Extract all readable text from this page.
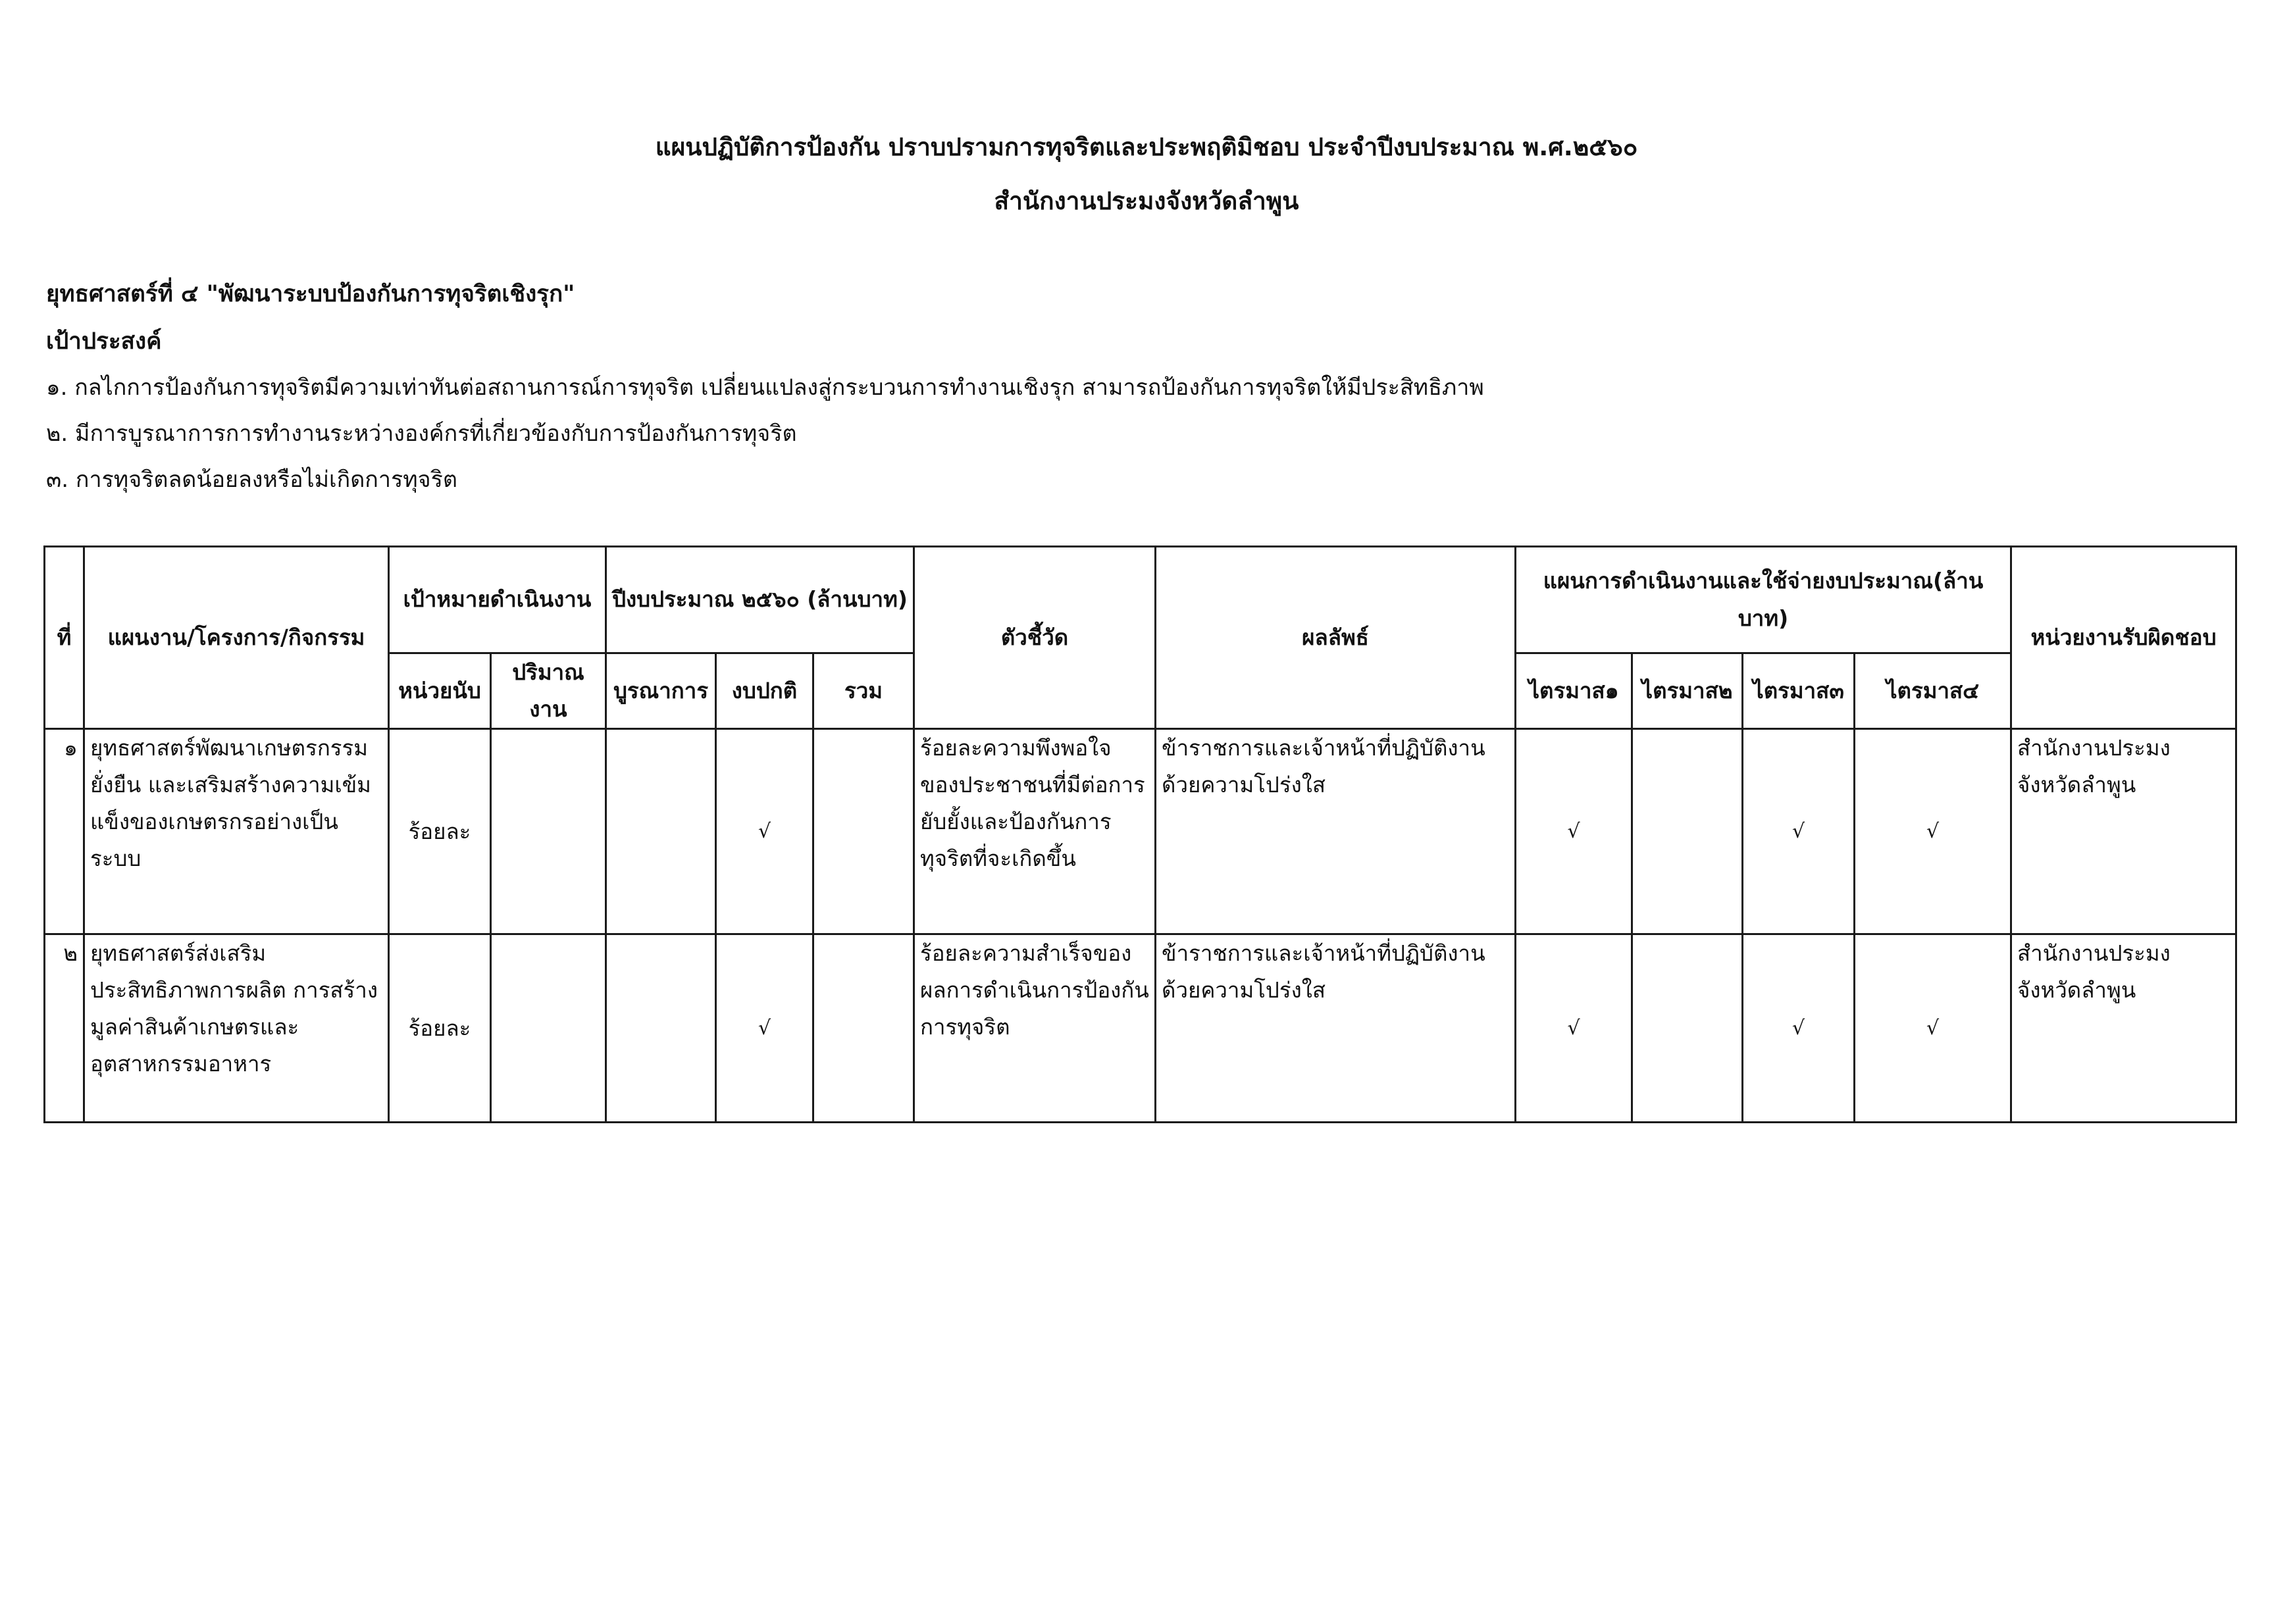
แผนปฏิบัติการป้องกัน ปราบปรามการทุจริตและประพฤติมิชอบ ประจำปีงบประมาณ พ.ศ.๒๕๖๐
สำนักงานประมงจังหวัดลำพูน
ยุทธศาสตร์ที่ ๔ "พัฒนาระบบป้องกันการทุจริตเชิงรุก"
เป้าประสงค์
๑. กลไกการป้องกันการทุจริตมีความเท่าทันต่อสถานการณ์การทุจริต เปลี่ยนแปลงสู่กระบวนการทำงานเชิงรุก สามารถป้องกันการทุจริตให้มีประสิทธิภาพ
๒. มีการบูรณาการการทำงานระหว่างองค์กรที่เกี่ยวข้องกับการป้องกันการทุจริต
๓. การทุจริตลดน้อยลงหรือไม่เกิดการทุจริต
ที่	แผนงาน/โครงการ/กิจกรรม	เป้าหมายดำเนินงาน		ปีงบประมาณ ๒๕๖๐ (ล้านบาท)			ตัวชี้วัด	ผลลัพธ์	แผนการดำเนินงานและใช้จ่ายงบประมาณ(ล้านบาท)				หน่วยงานรับผิดชอบ
		หน่วยนับ	ปริมาณงาน	บูรณาการ	งบปกติ	รวม			ไตรมาส๑	ไตรมาส๒	ไตรมาส๓	ไตรมาส๔	
๑	ยุทธศาสตร์พัฒนาเกษตรกรรมยั่งยืน และเสริมสร้างความเข้มแข็งของเกษตรกรอย่างเป็นระบบ	ร้อยละ			√		ร้อยละความพึงพอใจของประชาชนที่มีต่อการยับยั้งและป้องกันการทุจริตที่จะเกิดขึ้น	ข้าราชการและเจ้าหน้าที่ปฏิบัติงานด้วยความโปร่งใส	√		√	√	สำนักงานประมงจังหวัดลำพูน
๒	ยุทธศาสตร์ส่งเสริมประสิทธิภาพการผลิต การสร้างมูลค่าสินค้าเกษตรและอุตสาหกรรมอาหาร	ร้อยละ			√		ร้อยละความสำเร็จของผลการดำเนินการป้องกันการทุจริต	ข้าราชการและเจ้าหน้าที่ปฏิบัติงานด้วยความโปร่งใส	√		√	√	สำนักงานประมงจังหวัดลำพูน
